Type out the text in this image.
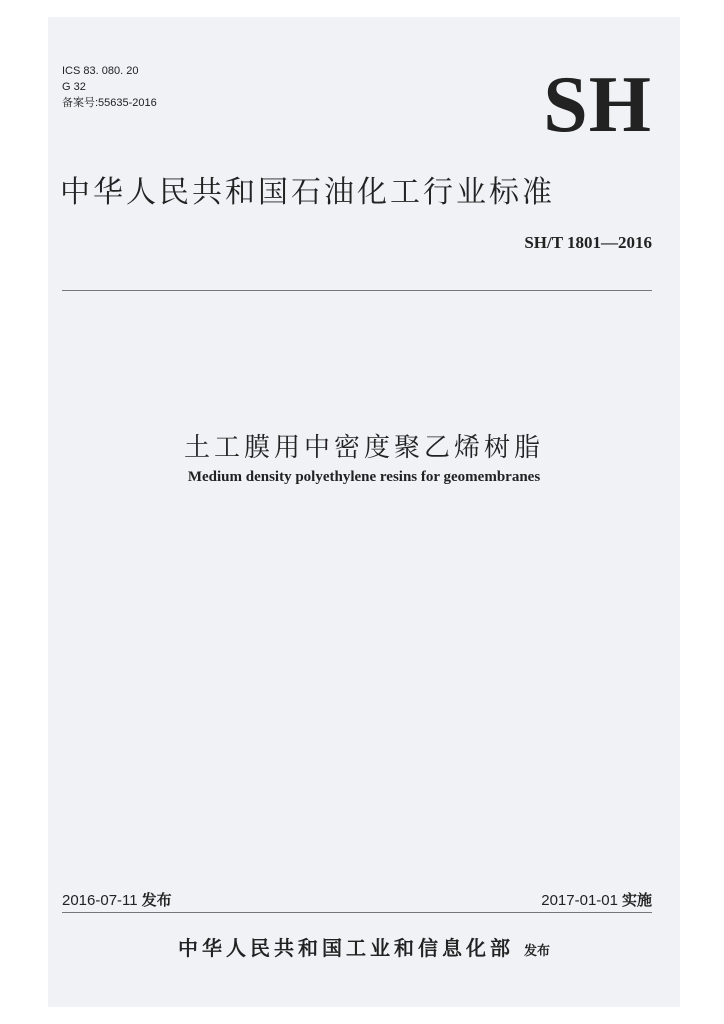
ICS 83. 080. 20
G 32
备案号:55635-2016	SH
中华人民共和国石油化工行业标准
SH/T 1801—2016
土工膜用中密度聚乙烯树脂
Medium density polyethylene resins for geomembranes
2016-07-11 发布	2017-01-01 实施
中华人民共和国工业和信息化部 发布
